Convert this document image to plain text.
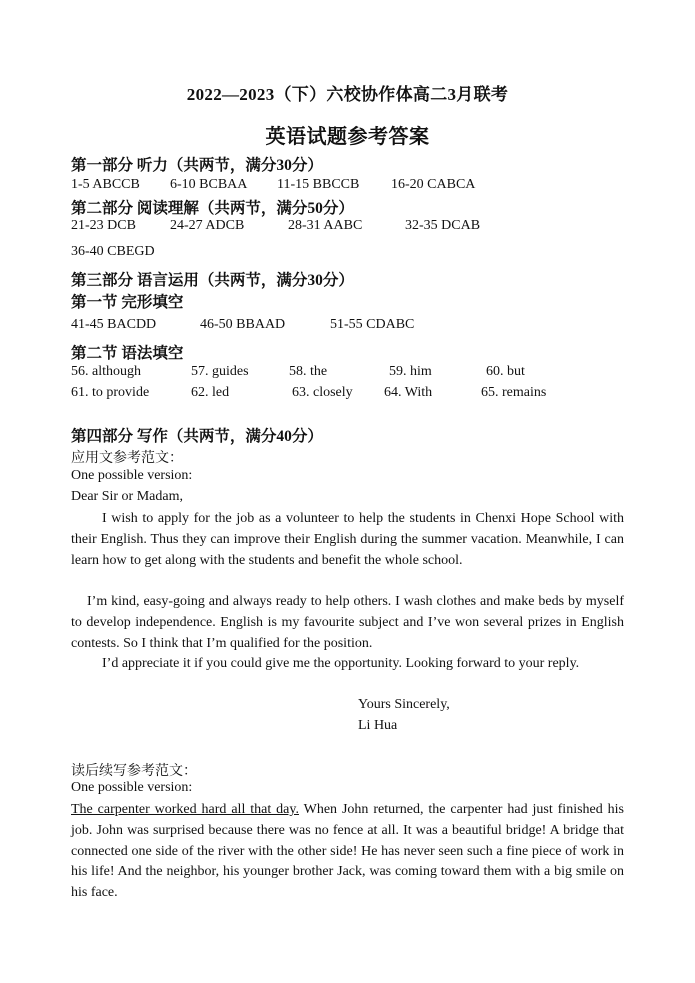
2022—2023（下）六校协作体高二3月联考
英语试题参考答案
第一部分 听力（共两节，满分30分）
1-5 ABCCB 6-10 BCBAA 11-15 BBCCB 16-20 CABCA
第二部分 阅读理解（共两节，满分50分）
21-23 DCB 24-27 ADCB	28-31 AABC	32-35 DCAB
36-40 CBEGD
第三部分 语言运用（共两节，满分30分）
第一节 完形填空
41-45 BACDD	46-50 BBAAD	51-55 CDABC
第二节 语法填空
56. although	57. guides	58. the	59. him	60. but
61. to provide	62. led	63. closely 64. With	65. remains
第四部分 写作（共两节，满分40分）
应用文参考范文：
One possible version:
Dear Sir or Madam,
I wish to apply for the job as a volunteer to help the students in Chenxi Hope School with their English. Thus they can improve their English during the summer vacation. Meanwhile, I can learn how to get along with the students and benefit the whole school.
I’m kind, easy-going and always ready to help others. I wash clothes and make beds by myself to develop independence. English is my favourite subject and I’ve won several prizes in English contests. So I think that I’m qualified for the position.
I’d appreciate it if you could give me the opportunity. Looking forward to your reply.
Yours Sincerely,
Li Hua
读后续写参考范文：
One possible version:
The carpenter worked hard all that day. When John returned, the carpenter had just finished his job. John was surprised because there was no fence at all. It was a beautiful bridge! A bridge that connected one side of the river with the other side! He has never seen such a fine piece of work in his life! And the neighbor, his younger brother Jack, was coming toward them with a big smile on his face.
